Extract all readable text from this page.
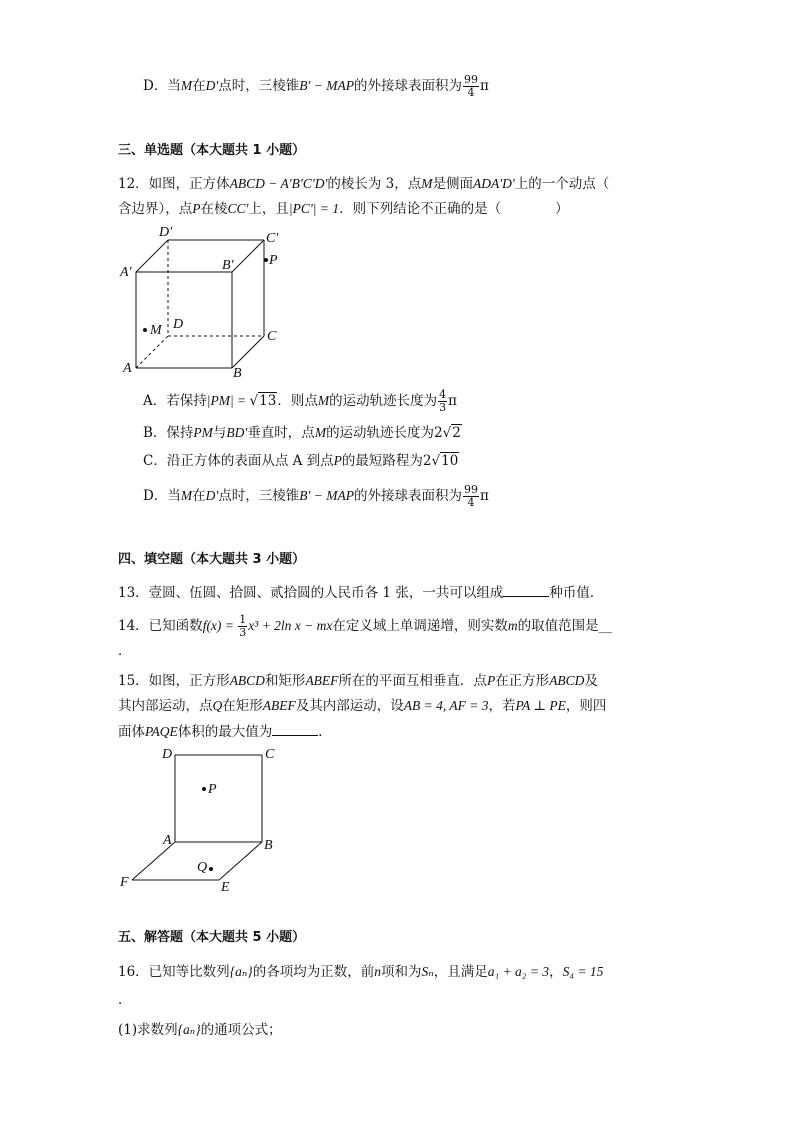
D．当M在D'点时，三棱锥B' − MAP的外接球表面积为 $\frac{99}{4}$ π
三、单选题（本大题共 1 小题）
12．如图，正方体ABCD − A'B'C'D'的棱长为 3，点M是侧面ADA'D'上的一个动点（
含边界），点P在棱CC'上，且|PC'| = 1．则下列结论不正确的是（　　　　）
D'	C'
A'	B'	P
M D
C
A	B
A．若保持|PM| = √13．则点M的运动轨迹长度为 $\frac{4}{3}$ π
B．保持PM与BD'垂直时，点M的运动轨迹长度为2√2
C．沿正方体的表面从点 A 到点P的最短路程为2√10
D．当M在D'点时，三棱锥B' − MAP的外接球表面积为 $\frac{99}{4}$ π
四、填空题（本大题共 3 小题）
13．壹圆、伍圆、拾圆、贰拾圆的人民币各 1 张，一共可以组成	种币值．
14．已知函数$f(x) = \frac{1}{3} x^3 + 2\ln$ x − mx在定义域上单调递增，则实数m的取值范围是__
．
15．如图，正方形ABCD和矩形ABEF所在的平面互相垂直．点P在正方形ABCD及
其内部运动，点Q在矩形ABEF及其内部运动，设AB = 4, AF = 3，若PA ⊥ PE，则四
面体PAQE体积的最大值为	．
D	C
P
A	B
Q
F	E
五、解答题（本大题共 5 小题）
16．已知等比数列{aₙ}的各项均为正数，前n项和为Sₙ，且满足a₁ + a₂ = 3，S₄ = 15
．
(1)求数列{aₙ}的通项公式；
